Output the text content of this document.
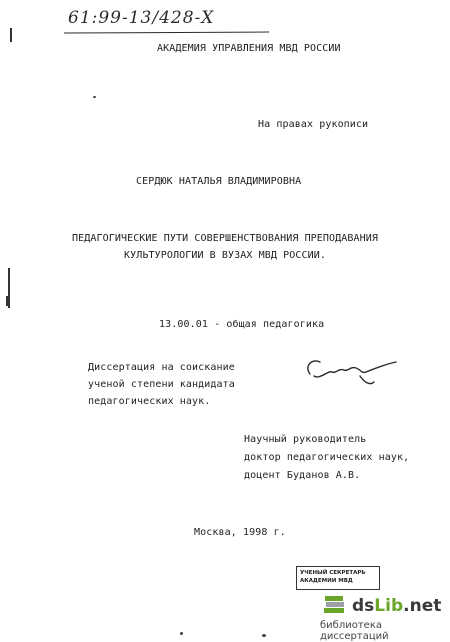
61:99-13/428-Х
АКАДЕМИЯ УПРАВЛЕНИЯ МВД РОССИИ
На правах рукописи
СЕРДЮК НАТАЛЬЯ ВЛАДИМИРОВНА
ПЕДАГОГИЧЕСКИЕ ПУТИ СОВЕРШЕНСТВОВАНИЯ ПРЕПОДАВАНИЯ
КУЛЬТУРОЛОГИИ В ВУЗАХ МВД РОССИИ.
13.00.01 - общая педагогика
Диссертация на соискание
ученой степени кандидата
педагогических наук.
Научный руководитель
доктор педагогических наук,
доцент Буданов А.В.
Москва, 1998 г.
УЧЕНЫЙ СЕКРЕТАРЬ
АКАДЕМИИ МВД
dsLib.net
библиотека диссертаций
